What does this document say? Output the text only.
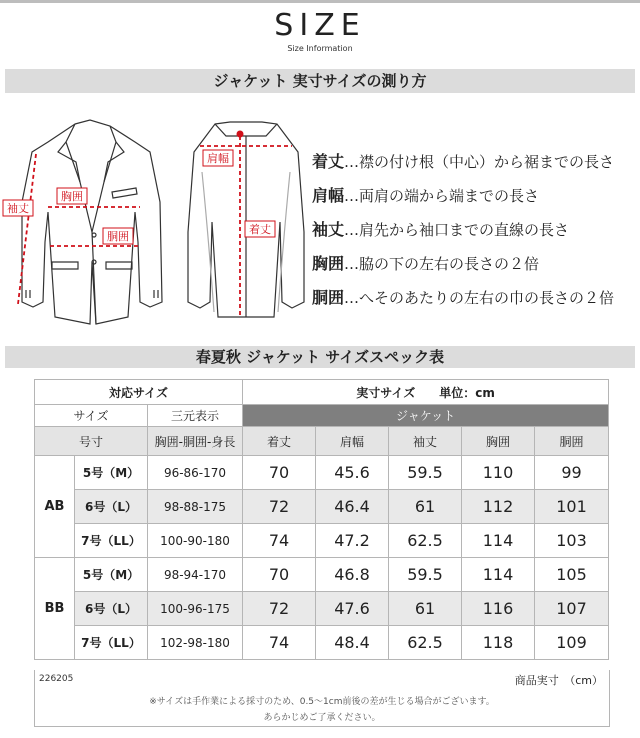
SIZE
Size Information
ジャケット 実寸サイズの測り方
袖丈
胸囲
胴囲
肩幅
着丈
着丈…襟の付け根（中心）から裾までの長さ
肩幅…両肩の端から端までの長さ
袖丈…肩先から袖口までの直線の長さ
胸囲…脇の下の左右の長さの２倍
胴囲…へそのあたりの左右の巾の長さの２倍
春夏秋 ジャケット サイズスペック表
対応サイズ			実寸サイズ　　単位：cm				
サイズ		三元表示	ジャケット				
号寸		胸囲-胴囲-身長	着丈	肩幅	袖丈	胸囲	胴囲
AB	5号（M）	96-86-170	70	45.6	59.5	110	99
	6号（L）	98-88-175	72	46.4	61	112	101
	7号（LL）	100-90-180	74	47.2	62.5	114	103
BB	5号（M）	98-94-170	70	46.8	59.5	114	105
	6号（L）	100-96-175	72	47.6	61	116	107
	7号（LL）	102-98-180	74	48.4	62.5	118	109
226205	商品実寸　（cm）
※サイズは手作業による採寸のため、0.5〜1cm前後の差が生じる場合がございます。
あらかじめご了承ください。
